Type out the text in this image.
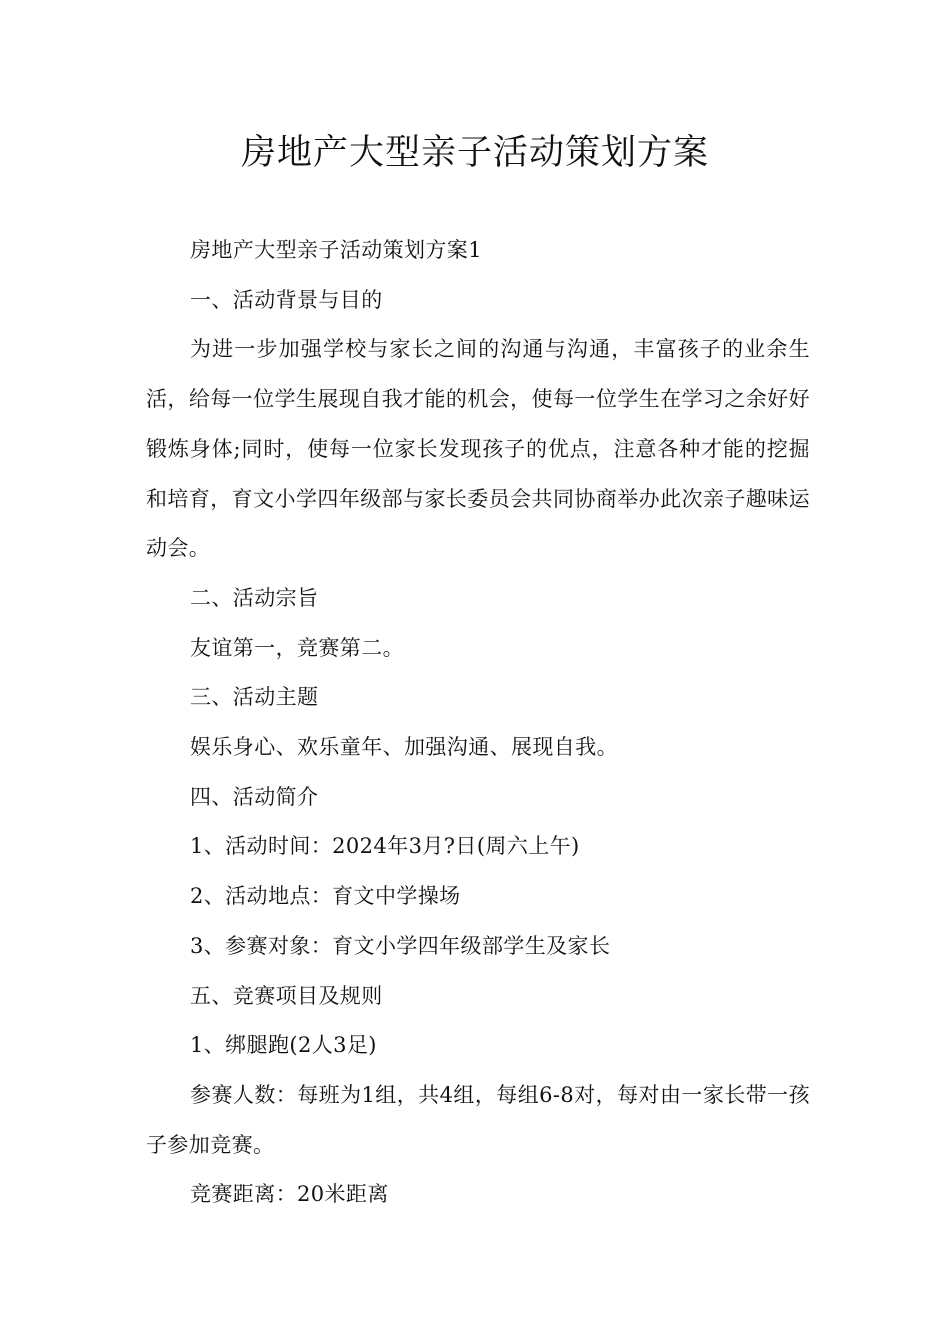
房地产大型亲子活动策划方案

房地产大型亲子活动策划方案1

一、活动背景与目的

为进一步加强学校与家长之间的沟通与沟通，丰富孩子的业余生活，给每一位学生展现自我才能的机会，使每一位学生在学习之余好好锻炼身体;同时，使每一位家长发现孩子的优点，注意各种才能的挖掘和培育，育文小学四年级部与家长委员会共同协商举办此次亲子趣味运动会。

二、活动宗旨

友谊第一，竞赛第二。

三、活动主题

娱乐身心、欢乐童年、加强沟通、展现自我。

四、活动简介

1、活动时间：2024年3月?日(周六上午)

2、活动地点：育文中学操场

3、参赛对象：育文小学四年级部学生及家长

五、竞赛项目及规则

1、绑腿跑(2人3足)

参赛人数：每班为1组，共4组，每组6-8对，每对由一家长带一孩子参加竞赛。

竞赛距离：20米距离
